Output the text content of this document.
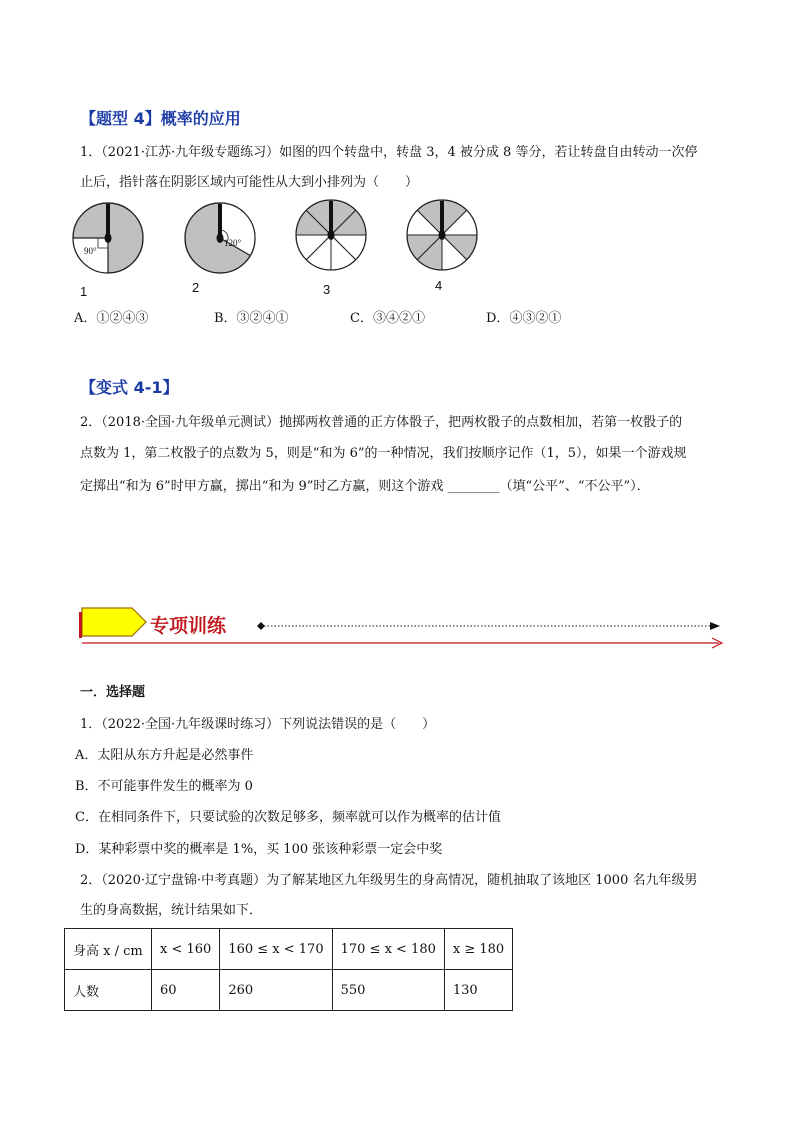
【题型 4】概率的应用
1．（2021·江苏·九年级专题练习）如图的四个转盘中，转盘 3，4 被分成 8 等分，若让转盘自由转动一次停
止后，指针落在阴影区域内可能性从大到小排列为（　　）
90°
1
120°
2	3	4
A．①②④③	B．③②④①	C．③④②①	D．④③②①
【变式 4-1】
2．（2018·全国·九年级单元测试）抛掷两枚普通的正方体骰子，把两枚骰子的点数相加，若第一枚骰子的
点数为 1，第二枚骰子的点数为 5，则是“和为 6”的一种情况，我们按顺序记作（1，5），如果一个游戏规
定掷出“和为 6”时甲方赢，掷出“和为 9”时乙方赢，则这个游戏 ________（填“公平”、“不公平”）．
专项训练
一．选择题
1．（2022·全国·九年级课时练习）下列说法错误的是（　　）
A．太阳从东方升起是必然事件
B．不可能事件发生的概率为 0
C．在相同条件下，只要试验的次数足够多，频率就可以作为概率的估计值
D．某种彩票中奖的概率是 1%，买 100 张该种彩票一定会中奖
2．（2020·辽宁盘锦·中考真题）为了解某地区九年级男生的身高情况，随机抽取了该地区 1000 名九年级男
生的身高数据，统计结果如下．
身高 x / cm	x < 160	160 ≤ x < 170	170 ≤ x < 180	x ≥ 180
人数	60	260	550	130
